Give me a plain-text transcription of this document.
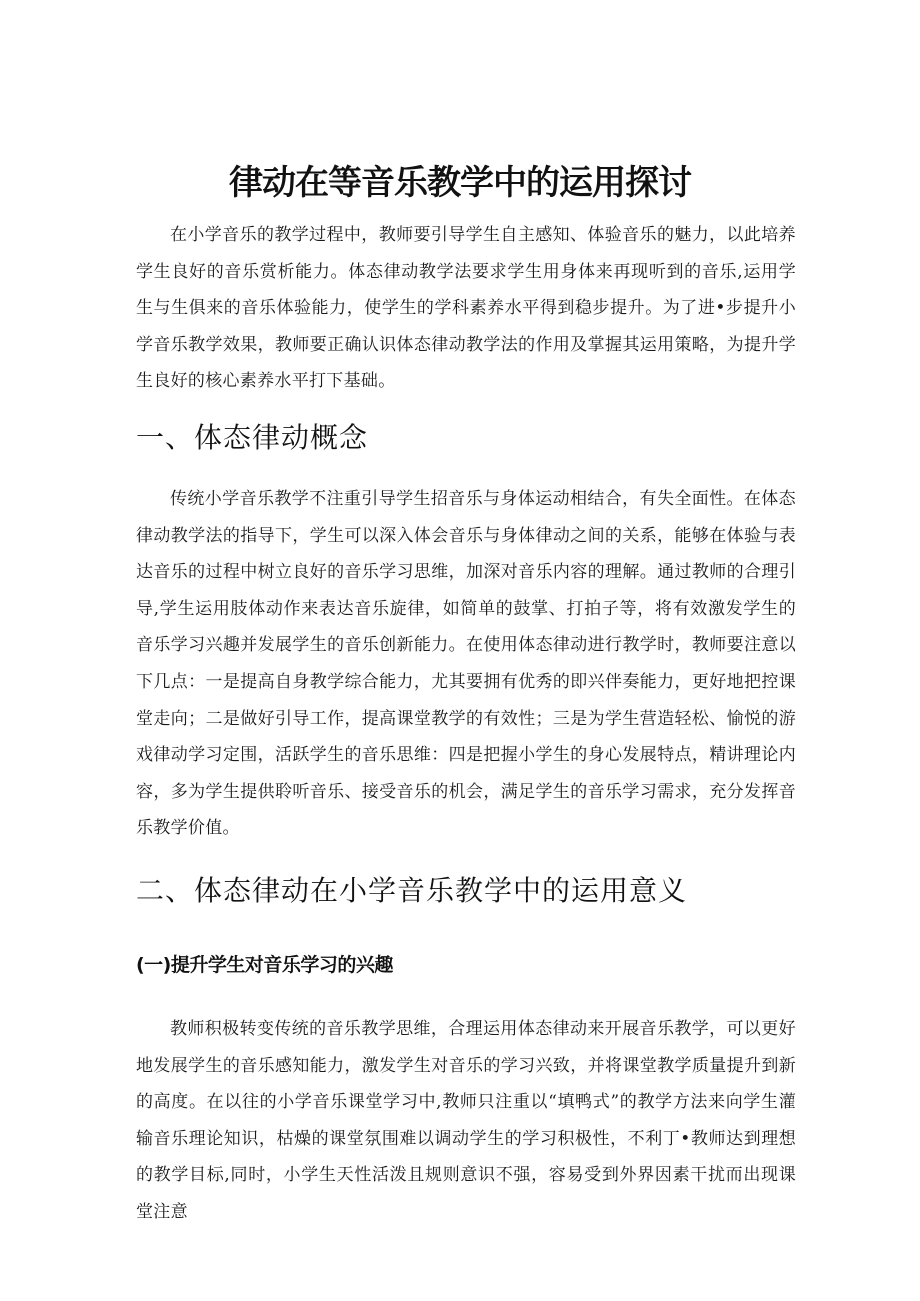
律动在等音乐教学中的运用探讨

在小学音乐的教学过程中，教师要引导学生自主感知、体验音乐的魅力，以此培养学生良好的音乐赏析能力。体态律动教学法要求学生用身体来再现听到的音乐,运用学生与生俱来的音乐体验能力，使学生的学科素养水平得到稳步提升。为了进•步提升小学音乐教学效果，教师要正确认识体态律动教学法的作用及掌握其运用策略，为提升学生良好的核心素养水平打下基础。

一、体态律动概念

传统小学音乐教学不注重引导学生招音乐与身体运动相结合，有失全面性。在体态律动教学法的指导下，学生可以深入体会音乐与身体律动之间的关系，能够在体验与表达音乐的过程中树立良好的音乐学习思维，加深对音乐内容的理解。通过教师的合理引导,学生运用肢体动作来表达音乐旋律，如简单的鼓掌、打拍子等，将有效激发学生的音乐学习兴趣并发展学生的音乐创新能力。在使用体态律动进行教学时，教师要注意以下几点：一是提高自身教学综合能力，尤其要拥有优秀的即兴伴奏能力，更好地把控课堂走向；二是做好引导工作，提高课堂教学的有效性；三是为学生营造轻松、愉悦的游戏律动学习定围，活跃学生的音乐思维：四是把握小学生的身心发展特点，精讲理论内容，多为学生提供聆听音乐、接受音乐的机会，满足学生的音乐学习需求，充分发挥音乐教学价值。

二、体态律动在小学音乐教学中的运用意义
(一)提升学生对音乐学习的兴趣

教师积极转变传统的音乐教学思维，合理运用体态律动来开展音乐教学，可以更好地发展学生的音乐感知能力，激发学生对音乐的学习兴致，并将课堂教学质量提升到新的高度。在以往的小学音乐课堂学习中,教师只注重以“填鸭式”的教学方法来向学生灌输音乐理论知识，枯燥的课堂氛围难以调动学生的学习积极性，不利丁•教师达到理想的教学目标,同时，小学生天性活泼且规则意识不强，容易受到外界因素干扰而出现课堂注意
